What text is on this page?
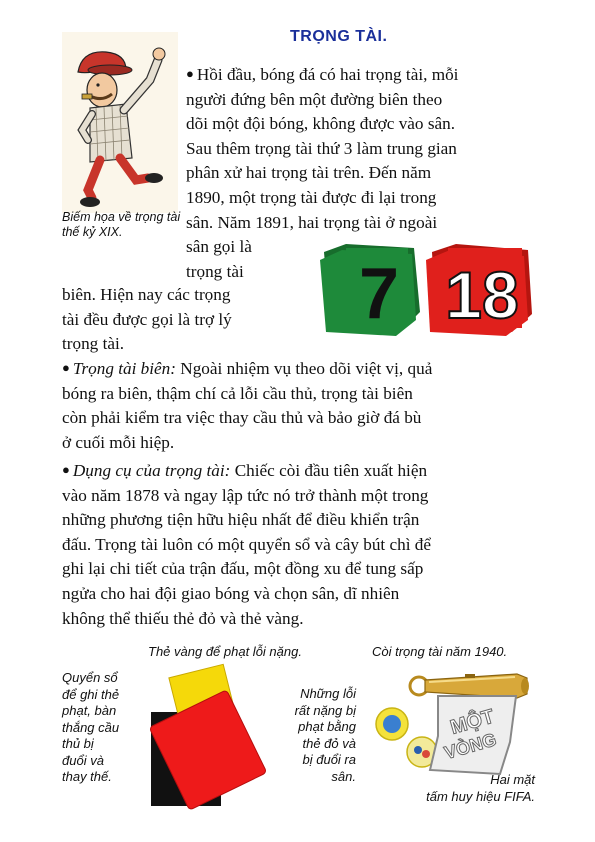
TRỌNG TÀI.
Biếm họa về trọng tài thế kỷ XIX.
● Hồi đầu, bóng đá có hai trọng tài, mỗi
người đứng bên một đường biên theo
dõi một đội bóng, không được vào sân.
Sau thêm trọng tài thứ 3 làm trung gian
phân xử hai trọng tài trên. Đến năm
1890, một trọng tài được đi lại trong
sân. Năm 1891, hai trọng tài ở ngoài
sân gọi là
trọng tài
biên. Hiện nay các trọng
tài đều được gọi là trợ lý
trọng tài.
7 18
● Trọng tài biên: Ngoài nhiệm vụ theo dõi việt vị, quả
bóng ra biên, thậm chí cả lỗi cầu thủ, trọng tài biên
còn phải kiểm tra việc thay cầu thủ và bảo giờ đá bù
ở cuối mỗi hiệp.
● Dụng cụ của trọng tài: Chiếc còi đầu tiên xuất hiện
vào năm 1878 và ngay lập tức nó trở thành một trong
những phương tiện hữu hiệu nhất để điều khiển trận
đấu. Trọng tài luôn có một quyển sổ và cây bút chì để
ghi lại chi tiết của trận đấu, một đồng xu để tung sấp
ngửa cho hai đội giao bóng và chọn sân, dĩ nhiên
không thể thiếu thẻ đỏ và thẻ vàng.
Quyển sổ
để ghi thẻ
phạt, bàn
thắng cầu
thủ bị
đuổi và
thay thế.
Thẻ vàng để phạt lỗi nặng.
Những lỗi
rất nặng bị
phạt bằng
thẻ đỏ và
bị đuổi ra
sân.
Còi trọng tài năm 1940.
MỘT
VÒNG
Hai mặt
tấm huy hiệu FIFA.
